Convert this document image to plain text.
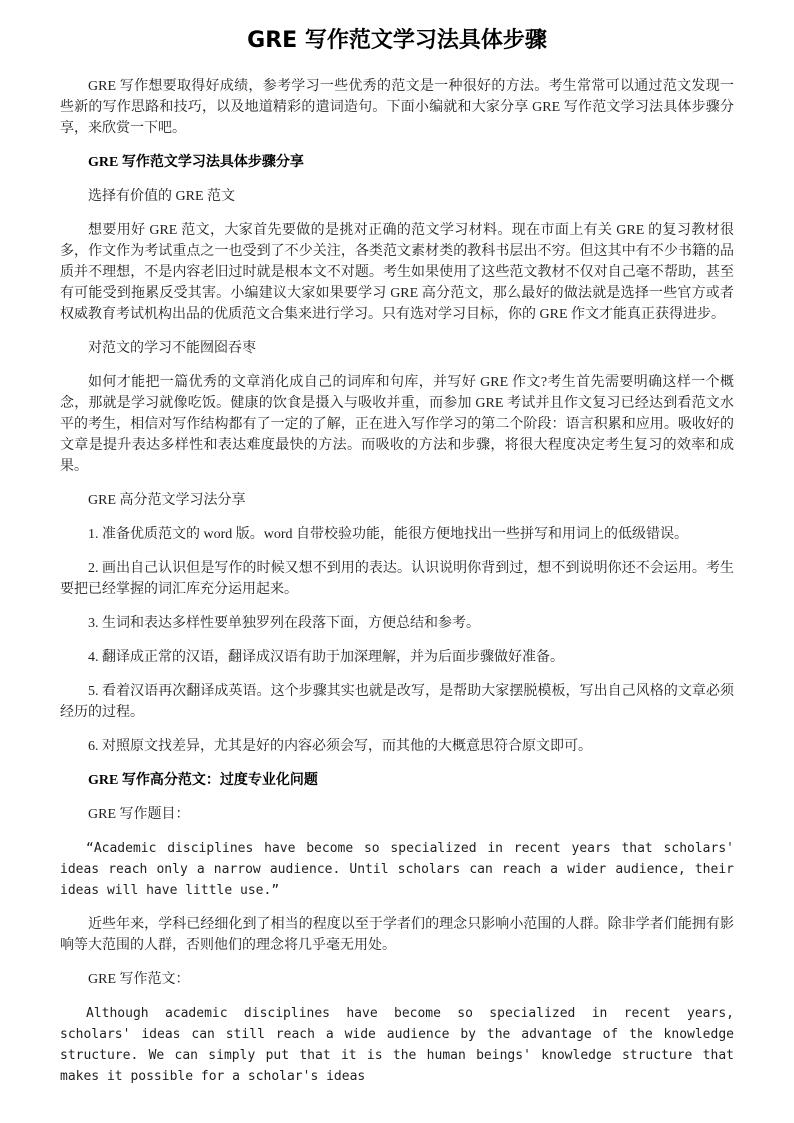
GRE 写作范文学习法具体步骤

GRE 写作想要取得好成绩，参考学习一些优秀的范文是一种很好的方法。考生常常可以通过范文发现一些新的写作思路和技巧，以及地道精彩的遣词造句。下面小编就和大家分享 GRE 写作范文学习法具体步骤分享，来欣赏一下吧。

GRE 写作范文学习法具体步骤分享

选择有价值的 GRE 范文

想要用好 GRE 范文，大家首先要做的是挑对正确的范文学习材料。现在市面上有关 GRE 的复习教材很多，作文作为考试重点之一也受到了不少关注，各类范文素材类的教科书层出不穷。但这其中有不少书籍的品质并不理想，不是内容老旧过时就是根本文不对题。考生如果使用了这些范文教材不仅对自己毫不帮助，甚至有可能受到拖累反受其害。小编建议大家如果要学习 GRE 高分范文，那么最好的做法就是选择一些官方或者权威教育考试机构出品的优质范文合集来进行学习。只有选对学习目标，你的 GRE 作文才能真正获得进步。

对范文的学习不能囫囵吞枣

如何才能把一篇优秀的文章消化成自己的词库和句库，并写好 GRE 作文?考生首先需要明确这样一个概念，那就是学习就像吃饭。健康的饮食是摄入与吸收并重，而参加 GRE 考试并且作文复习已经达到看范文水平的考生，相信对写作结构都有了一定的了解，正在进入写作学习的第二个阶段：语言积累和应用。吸收好的文章是提升表达多样性和表达难度最快的方法。而吸收的方法和步骤，将很大程度决定考生复习的效率和成果。

GRE 高分范文学习法分享

1. 准备优质范文的 word 版。word 自带校验功能，能很方便地找出一些拼写和用词上的低级错误。

2. 画出自己认识但是写作的时候又想不到用的表达。认识说明你背到过，想不到说明你还不会运用。考生要把已经掌握的词汇库充分运用起来。

3. 生词和表达多样性要单独罗列在段落下面，方便总结和参考。

4. 翻译成正常的汉语，翻译成汉语有助于加深理解，并为后面步骤做好准备。

5. 看着汉语再次翻译成英语。这个步骤其实也就是改写，是帮助大家摆脱模板，写出自己风格的文章必须经历的过程。

6. 对照原文找差异，尤其是好的内容必须会写，而其他的大概意思符合原文即可。

GRE 写作高分范文：过度专业化问题

GRE 写作题目：

“Academic disciplines have become so specialized in recent years that scholars' ideas reach only a narrow audience. Until scholars can reach a wider audience, their ideas will have little use.”

近些年来，学科已经细化到了相当的程度以至于学者们的理念只影响小范围的人群。除非学者们能拥有影响等大范围的人群，否则他们的理念将几乎毫无用处。

GRE 写作范文：

Although academic disciplines have become so specialized in recent years, scholars' ideas can still reach a wide audience by the advantage of the knowledge structure. We can simply put that it is the human beings' knowledge structure that makes it possible for a scholar's ideas
